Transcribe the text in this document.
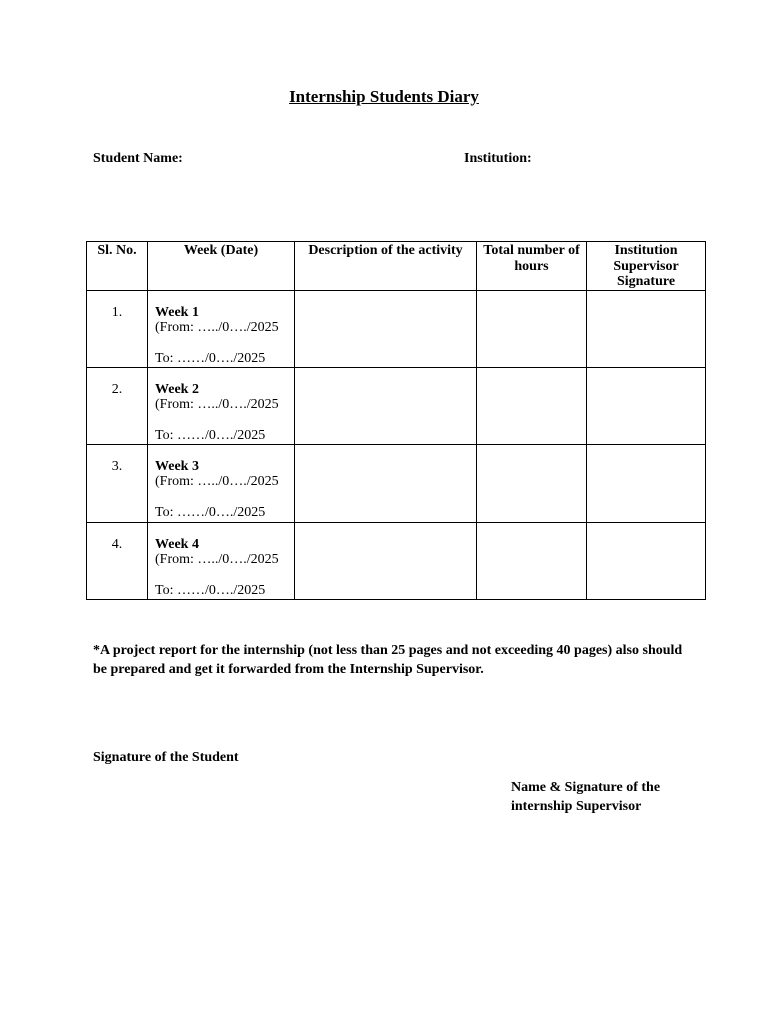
Internship Students Diary
Student Name:	Institution:
Sl. No.	Week (Date)	Description of the activity	Total number of hours	Institution Supervisor Signature
1.	Week 1
(From: …../0…./2025
To: ……/0…./2025			

2.	Week 2
(From: …../0…./2025
To: ……/0…./2025			

3.	Week 3
(From: …../0…./2025
To: ……/0…./2025			

4.	Week 4
(From: …../0…./2025
To: ……/0…./2025			

*A project report for the internship (not less than 25 pages and not exceeding 40 pages) also should be prepared and get it forwarded from the Internship Supervisor.

Signature of the Student
Name & Signature of the internship Supervisor
